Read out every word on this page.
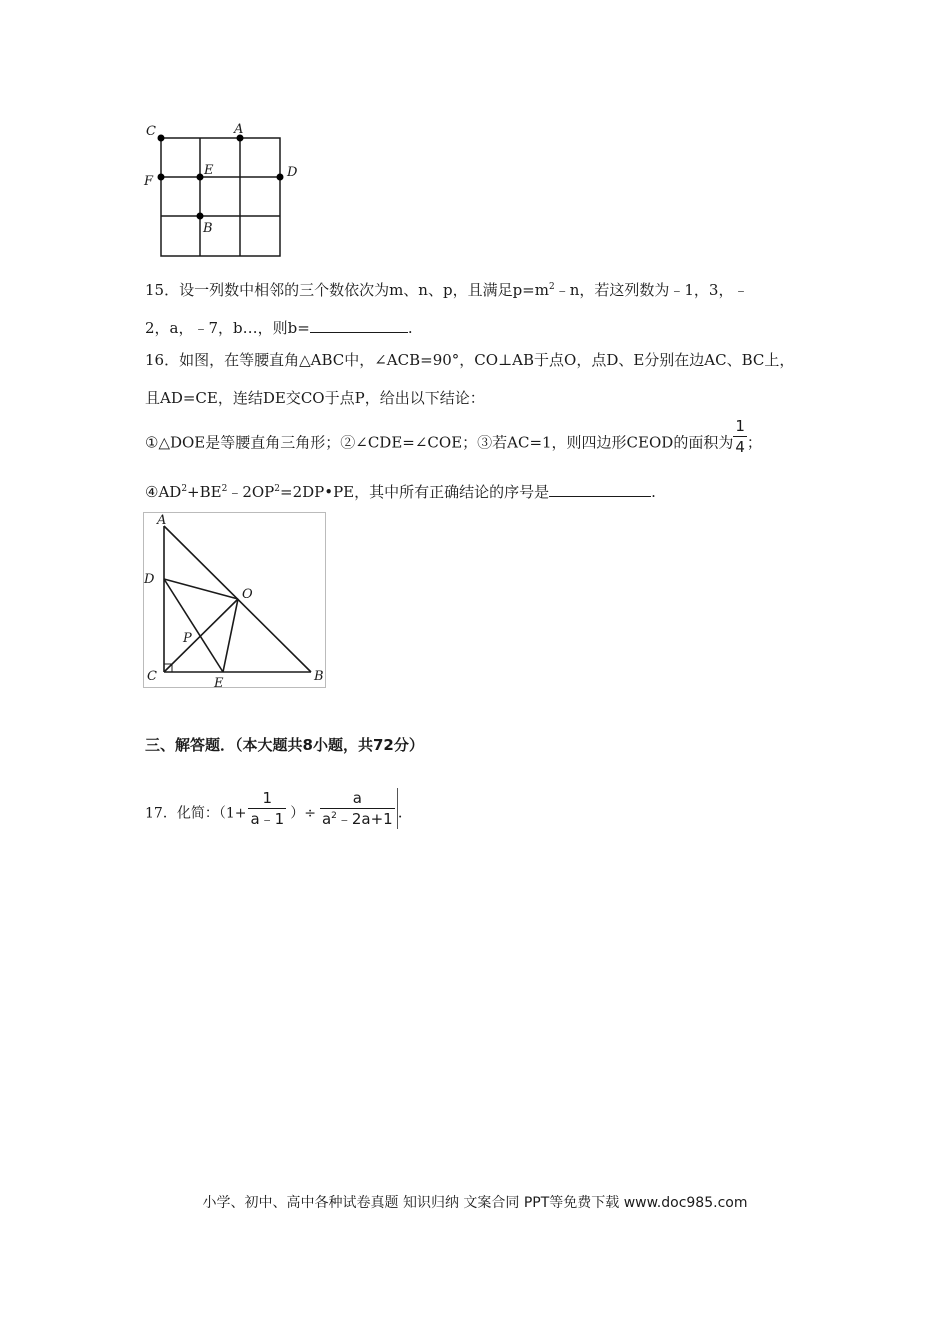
C	A
F
E	D
B
15．设一列数中相邻的三个数依次为m、n、p，且满足$p=m^2﹣n$，若这列数为﹣1，3，﹣
2，a，﹣7，b…，则b=	.
16．如图，在等腰直角△ABC中，∠ACB=90°，CO⊥AB于点O，点D、E分别在边AC、BC上，
且AD=CE，连结DE交CO于点P，给出以下结论：
①△DOE是等腰直角三角形；②∠CDE=∠COE；③若AC=1，则四边形CEOD的面积为 $\frac{1}{4}$ ；
$④AD^2+BE^2﹣2OP^2=2DP•PE$，其中所有正确结论的序号是	.
A
D
O
P
C	E	B
三、解答题．（本大题共8小题，共72分）
17．化简：（$1+ \frac{1}{a﹣1}$ ）÷ $\frac{a}{a^2﹣2a+1}$ .
小学、初中、高中各种试卷真题 知识归纳 文案合同 PPT等免费下载 www.doc985.com
